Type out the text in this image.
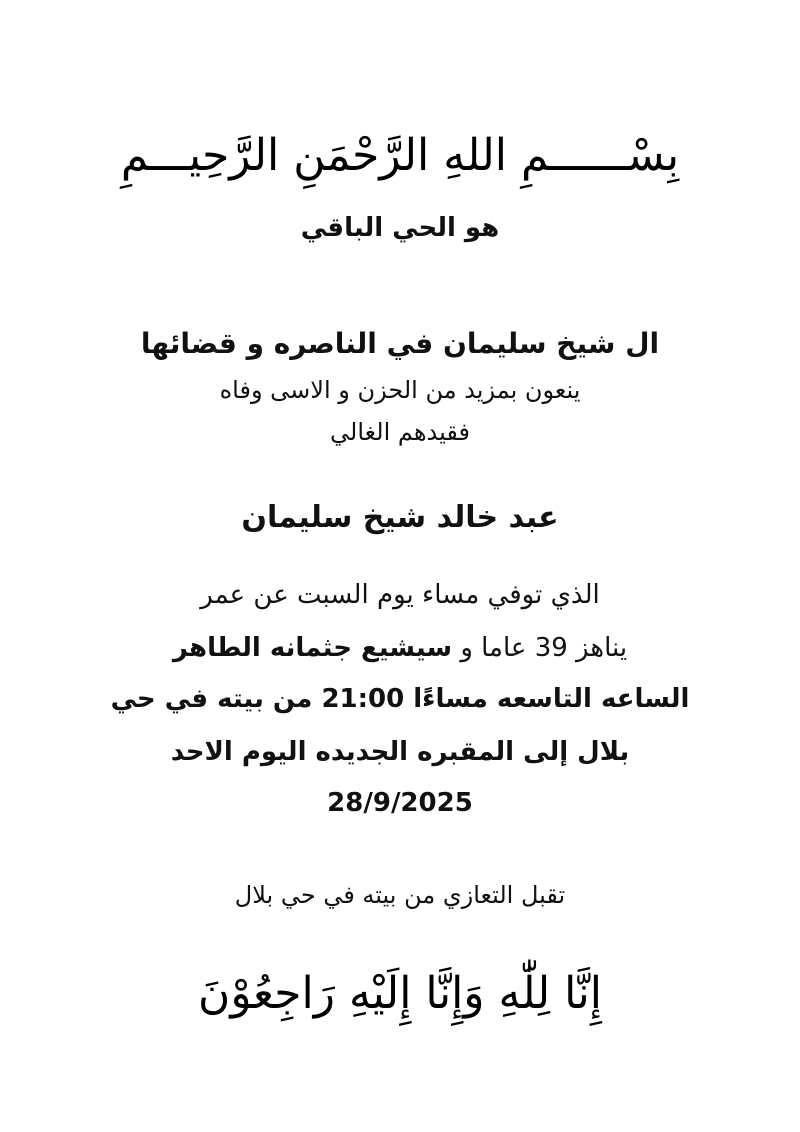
بِسْــــــمِ اللهِ الرَّحْمَنِ الرَّحِيـــمِ
هو الحي الباقي
ال شيخ سليمان في الناصره و قضائها
ينعون بمزيد من الحزن و الاسى وفاه
فقيدهم الغالي
عبد خالد شيخ سليمان
الذي توفي مساء يوم السبت عن عمر
يناهز 39 عاما و سيشيع جثمانه الطاهر
الساعه التاسعه مساءًا 21:00 من بيته في حي
بلال إلى المقبره الجديده اليوم الاحد
28/9/2025
تقبل التعازي من بيته في حي بلال
إِنَّا لِلّٰهِ وَإِنَّا إِلَيْهِ رَاجِعُوْنَ
